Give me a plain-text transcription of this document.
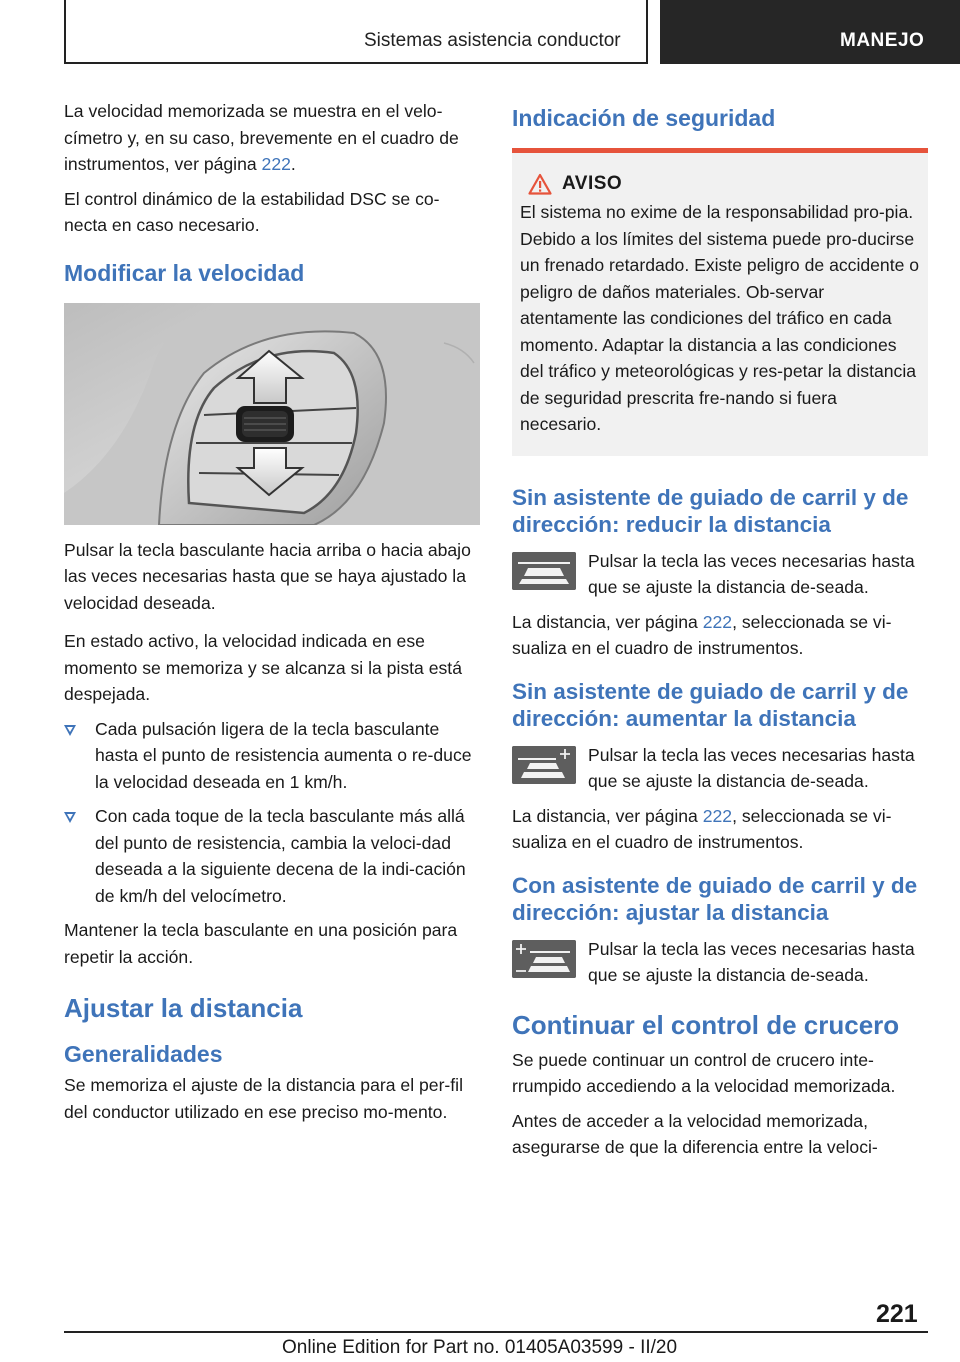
Sistemas asistencia conductor	MANEJO

La velocidad memorizada se muestra en el velo-címetro y, en su caso, brevemente en el cuadro de instrumentos, ver página 222.

El control dinámico de la estabilidad DSC se co-necta en caso necesario.

Modificar la velocidad

Pulsar la tecla basculante hacia arriba o hacia abajo las veces necesarias hasta que se haya ajustado la velocidad deseada.

En estado activo, la velocidad indicada en ese momento se memoriza y se alcanza si la pista está despejada.

Cada pulsación ligera de la tecla basculante hasta el punto de resistencia aumenta o re-duce la velocidad deseada en 1 km/h.

Con cada toque de la tecla basculante más allá del punto de resistencia, cambia la veloci-dad deseada a la siguiente decena de la indi-cación de km/h del velocímetro.

Mantener la tecla basculante en una posición para repetir la acción.

Ajustar la distancia
Generalidades

Se memoriza el ajuste de la distancia para el per-fil del conductor utilizado en ese preciso mo-mento.

Indicación de seguridad
AVISO

El sistema no exime de la responsabilidad pro-pia. Debido a los límites del sistema puede pro-ducirse un frenado retardado. Existe peligro de accidente o peligro de daños materiales. Ob-servar atentamente las condiciones del tráfico en cada momento. Adaptar la distancia a las condiciones del tráfico y meteorológicas y res-petar la distancia de seguridad prescrita fre-nando si fuera necesario.

Sin asistente de guiado de carril y de dirección: reducir la distancia

Pulsar la tecla las veces necesarias hasta que se ajuste la distancia de-seada.

La distancia, ver página 222, seleccionada se vi-sualiza en el cuadro de instrumentos.

Sin asistente de guiado de carril y de dirección: aumentar la distancia

Pulsar la tecla las veces necesarias hasta que se ajuste la distancia de-seada.

La distancia, ver página 222, seleccionada se vi-sualiza en el cuadro de instrumentos.

Con asistente de guiado de carril y de dirección: ajustar la distancia

Pulsar la tecla las veces necesarias hasta que se ajuste la distancia de-seada.

Continuar el control de crucero

Se puede continuar un control de crucero inte-rrumpido accediendo a la velocidad memorizada.

Antes de acceder a la velocidad memorizada, asegurarse de que la diferencia entre la veloci-

221
Online Edition for Part no. 01405A03599 - II/20
